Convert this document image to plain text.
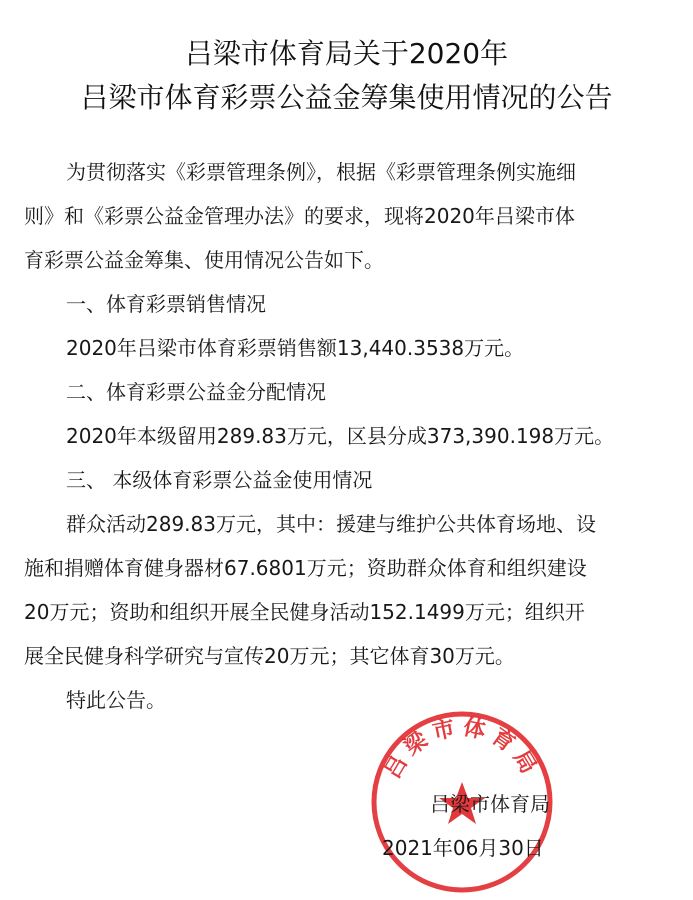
吕梁市体育局关于2020年
吕梁市体育彩票公益金筹集使用情况的公告
为贯彻落实《彩票管理条例》，根据《彩票管理条例实施细
则》和《彩票公益金管理办法》的要求，现将2020年吕梁市体
育彩票公益金筹集、使用情况公告如下。
一、体育彩票销售情况
2020年吕梁市体育彩票销售额13,440.3538万元。
二、体育彩票公益金分配情况
2020年本级留用289.83万元，区县分成373,390.198万元。
三、 本级体育彩票公益金使用情况
群众活动289.83万元，其中：援建与维护公共体育场地、设
施和捐赠体育健身器材67.6801万元；资助群众体育和组织建设
20万元；资助和组织开展全民健身活动152.1499万元；组织开
展全民健身科学研究与宣传20万元；其它体育30万元。
特此公告。
吕梁市体育局
吕梁市体育局
2021年06月30日
